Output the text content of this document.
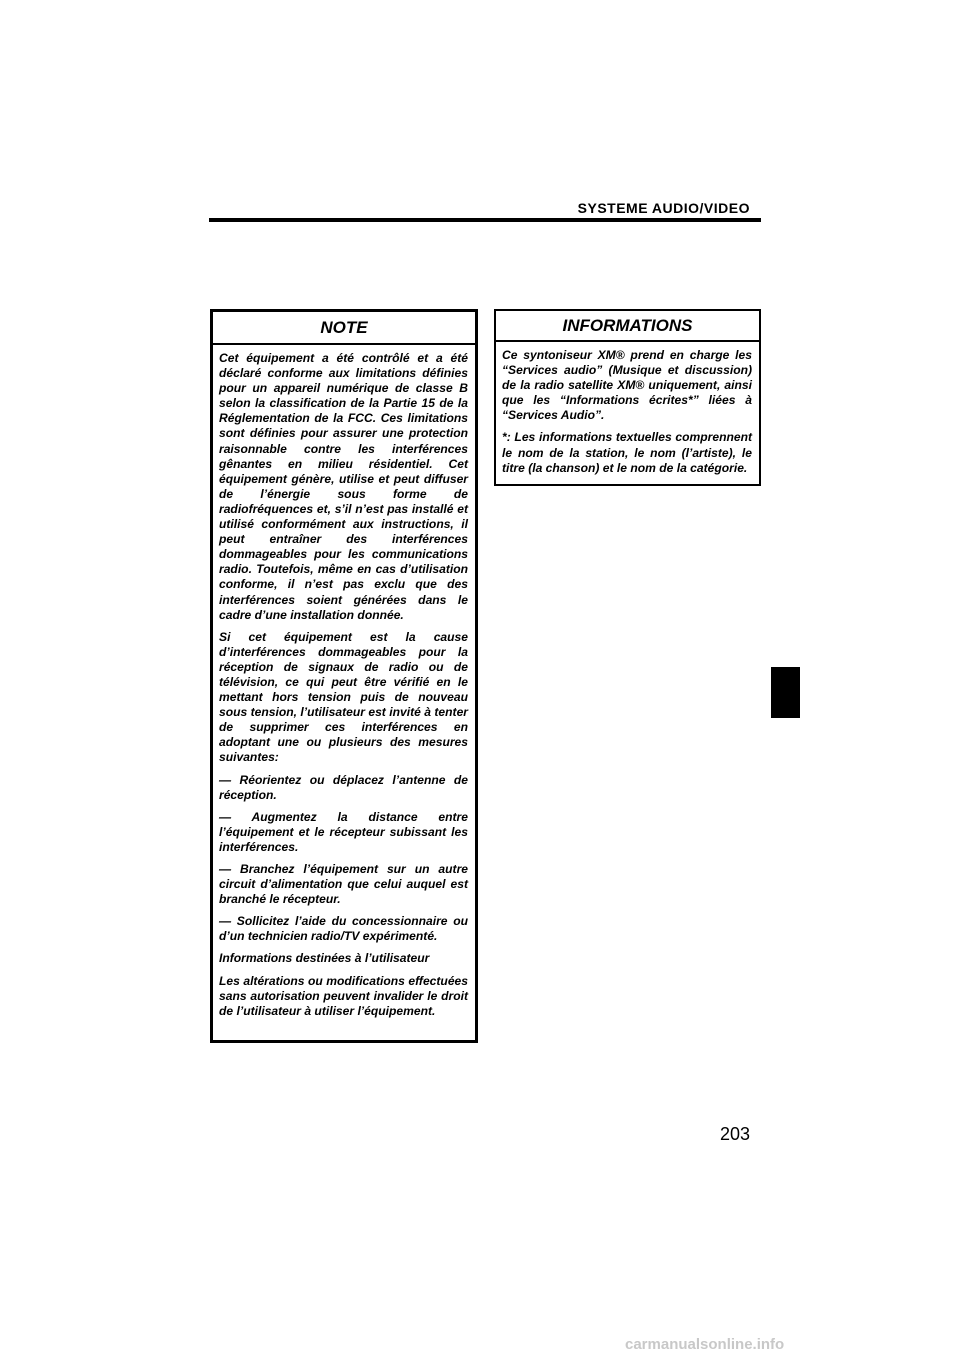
SYSTEME AUDIO/VIDEO
NOTE

Cet équipement a été contrôlé et a été déclaré conforme aux limitations définies pour un appareil numérique de classe B selon la classification de la Partie 15 de la Réglementation de la FCC. Ces limitations sont définies pour assurer une protection raisonnable contre les interférences gênantes en milieu résidentiel. Cet équipement génère, utilise et peut diffuser de l’énergie sous forme de radiofréquences et, s’il n’est pas installé et utilisé conformément aux instructions, il peut entraîner des interférences dommageables pour les communications radio. Toutefois, même en cas d’utilisation conforme, il n’est pas exclu que des interférences soient générées dans le cadre d’une installation donnée.

Si cet équipement est la cause d’interférences dommageables pour la réception de signaux de radio ou de télévision, ce qui peut être vérifié en le mettant hors tension puis de nouveau sous tension, l’utilisateur est invité à tenter de supprimer ces interférences en adoptant une ou plusieurs des mesures suivantes:

— Réorientez ou déplacez l’antenne de réception.

— Augmentez la distance entre l’équipement et le récepteur subissant les interférences.

— Branchez l’équipement sur un autre circuit d’alimentation que celui auquel est branché le récepteur.

— Sollicitez l’aide du concessionnaire ou d’un technicien radio/TV expérimenté.

Informations destinées à l’utilisateur

Les altérations ou modifications effectuées sans autorisation peuvent invalider le droit de l’utilisateur à utiliser l’équipement.

INFORMATIONS

Ce syntoniseur XM® prend en charge les “Services audio” (Musique et discussion) de la radio satellite XM® uniquement, ainsi que les “Informations écrites*” liées à “Services Audio”.

*: Les informations textuelles comprennent le nom de la station, le nom (l’artiste), le titre (la chanson) et le nom de la catégorie.

203
carmanualsonline.info
